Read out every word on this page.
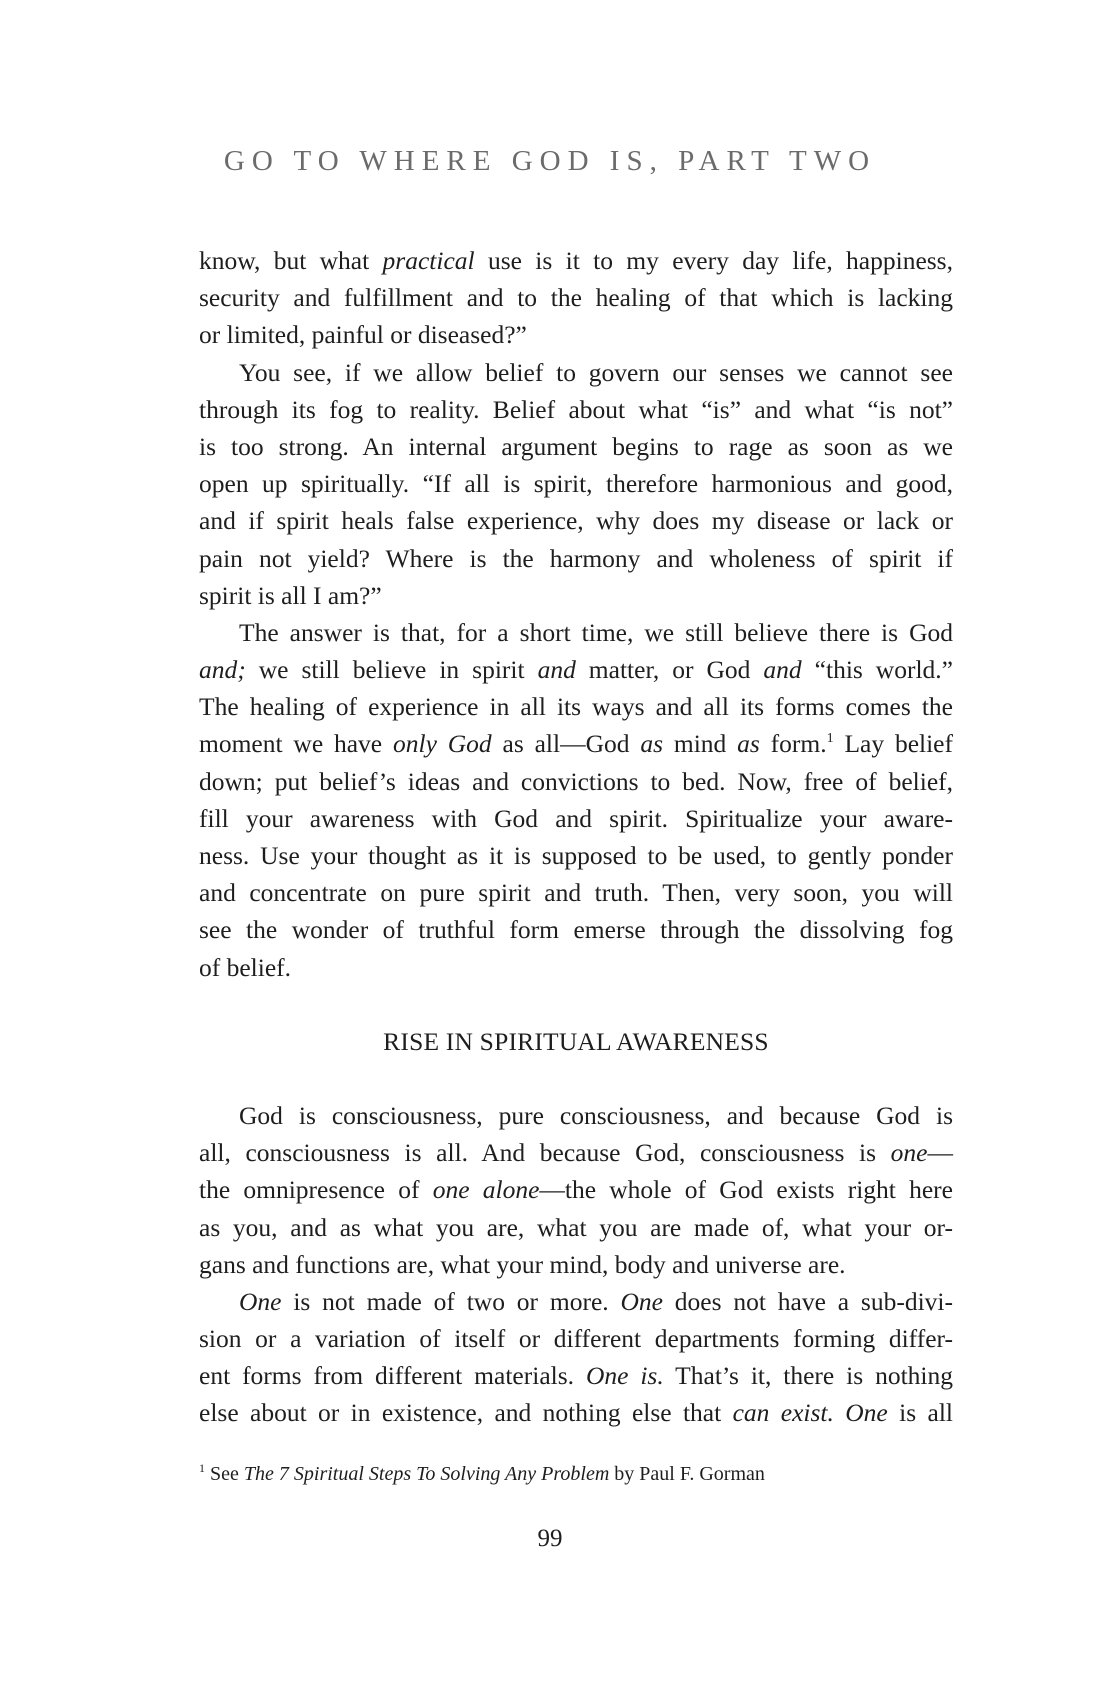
GO TO WHERE GOD IS, PART TWO
know, but what practical use is it to my every day life, happiness,
security and fulfillment and to the healing of that which is lacking
or limited, painful or diseased?”
You see, if we allow belief to govern our senses we cannot see
through its fog to reality. Belief about what “is” and what “is not”
is too strong. An internal argument begins to rage as soon as we
open up spiritually. “If all is spirit, therefore harmonious and good,
and if spirit heals false experience, why does my disease or lack or
pain not yield? Where is the harmony and wholeness of spirit if
spirit is all I am?”
The answer is that, for a short time, we still believe there is God
and; we still believe in spirit and matter, or God and “this world.”
The healing of experience in all its ways and all its forms comes the
moment we have only God as all—God as mind as form.$^1$ Lay belief
down; put belief’s ideas and convictions to bed. Now, free of belief,
fill your awareness with God and spirit. Spiritualize your aware-
ness. Use your thought as it is supposed to be used, to gently ponder
and concentrate on pure spirit and truth. Then, very soon, you will
see the wonder of truthful form emerse through the dissolving fog
of belief.
RISE IN SPIRITUAL AWARENESS
God is consciousness, pure consciousness, and because God is
all, consciousness is all. And because God, consciousness is one—
the omnipresence of one alone—the whole of God exists right here
as you, and as what you are, what you are made of, what your or-
gans and functions are, what your mind, body and universe are.
One is not made of two or more. One does not have a sub-divi-
sion or a variation of itself or different departments forming differ-
ent forms from different materials. One is. That’s it, there is nothing
else about or in existence, and nothing else that can exist. One is all
$^1$ See The 7 Spiritual Steps To Solving Any Problem by Paul F. Gorman
99
